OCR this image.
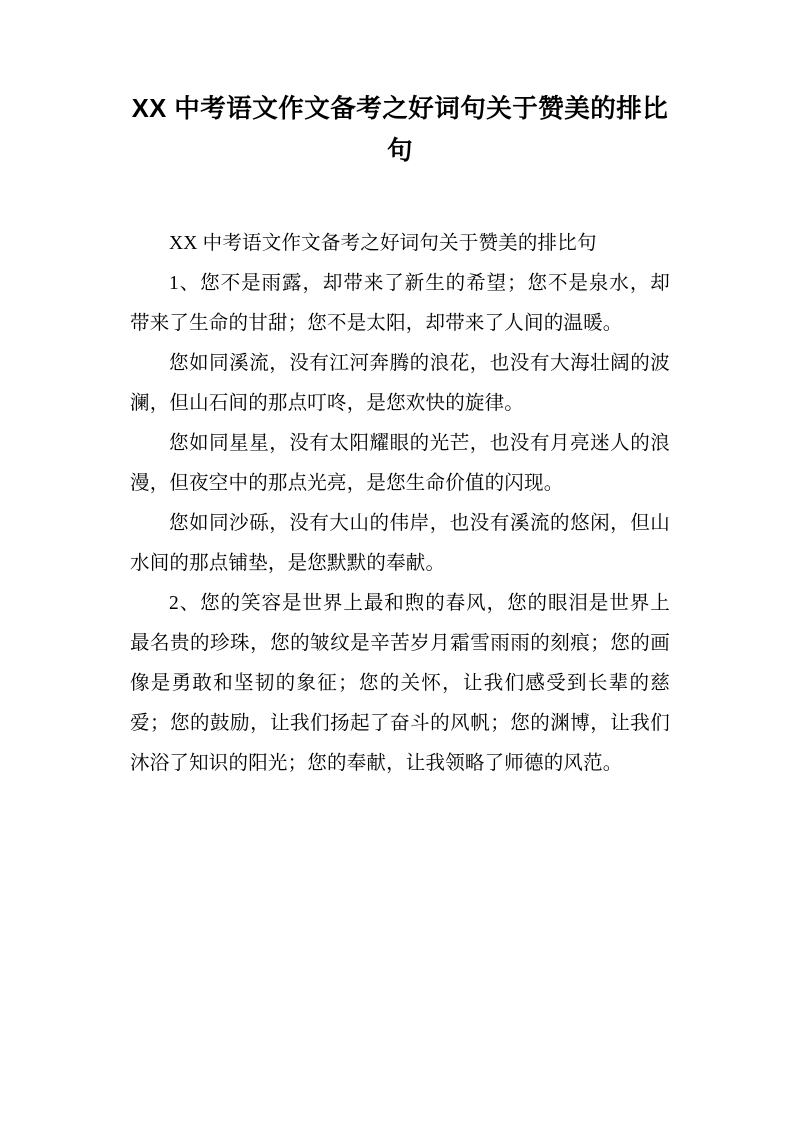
XX 中考语文作文备考之好词句关于赞美的排比句

XX 中考语文作文备考之好词句关于赞美的排比句

1、您不是雨露，却带来了新生的希望；您不是泉水，却带来了生命的甘甜；您不是太阳，却带来了人间的温暖。

您如同溪流，没有江河奔腾的浪花，也没有大海壮阔的波澜，但山石间的那点叮咚，是您欢快的旋律。

您如同星星，没有太阳耀眼的光芒，也没有月亮迷人的浪漫，但夜空中的那点光亮，是您生命价值的闪现。

您如同沙砾，没有大山的伟岸，也没有溪流的悠闲，但山水间的那点铺垫，是您默默的奉献。

2、您的笑容是世界上最和煦的春风，您的眼泪是世界上最名贵的珍珠，您的皱纹是辛苦岁月霜雪雨雨的刻痕；您的画像是勇敢和坚韧的象征；您的关怀，让我们感受到长辈的慈爱；您的鼓励，让我们扬起了奋斗的风帆；您的渊博，让我们沐浴了知识的阳光；您的奉献，让我领略了师德的风范。
